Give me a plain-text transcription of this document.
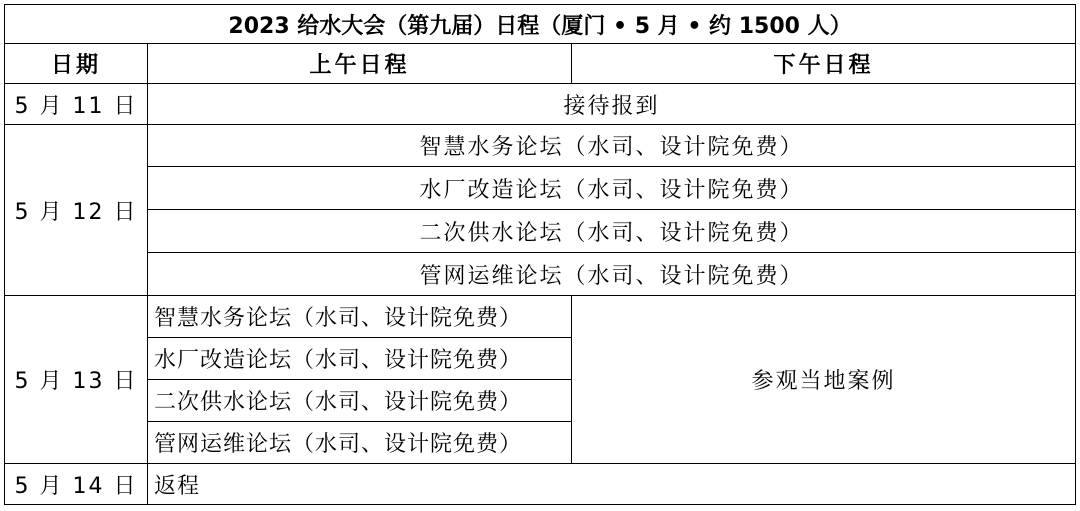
2023 给水大会（第九届）日程（厦门 • 5 月 • 约 1500 人）		
日期	上午日程	下午日程
5 月 11 日	接待报到	
5 月 12 日	智慧水务论坛（水司、设计院免费）	
	水厂改造论坛（水司、设计院免费）	
	二次供水论坛（水司、设计院免费）	
	管网运维论坛（水司、设计院免费）	
5 月 13 日	智慧水务论坛（水司、设计院免费）	参观当地案例
	水厂改造论坛（水司、设计院免费）	
	二次供水论坛（水司、设计院免费）	
	管网运维论坛（水司、设计院免费）	
5 月 14 日	返程	
